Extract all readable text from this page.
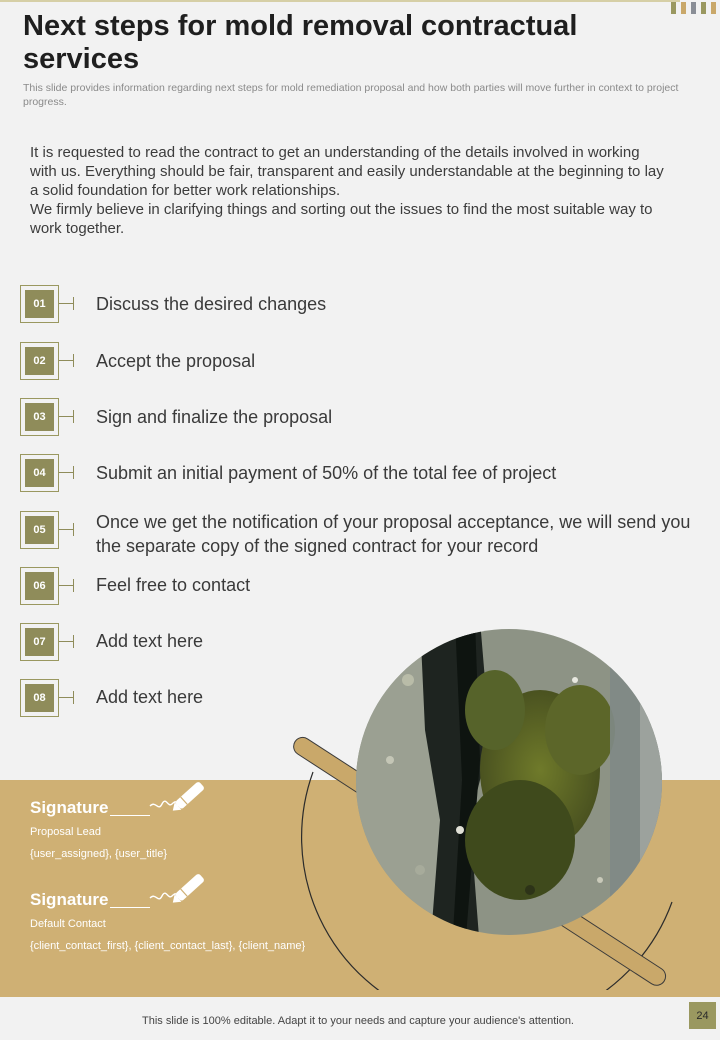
Next steps for mold removal contractual services
This slide provides information regarding next steps for mold remediation proposal and how both parties will move further in context to project progress.

It is requested to read the contract to get an understanding of the details involved in working with us. Everything should be fair, transparent and easily understandable at the beginning to lay a solid foundation for better work relationships.

We firmly believe in clarifying things and sorting out the issues to find the most suitable way to work together.

01	Discuss the desired changes
02	Accept the proposal
03	Sign and finalize the proposal
04	Submit an initial payment of 50% of the total fee of project
05	Once we get the notification of your proposal acceptance, we will send you the separate copy of the signed contract for your record
06	Feel free to contact
07	Add text here
08	Add text here
Signature
Proposal Lead
{user_assigned}, {user_title}
Signature
Default Contact
{client_contact_first}, {client_contact_last}, {client_name}
This slide is 100% editable. Adapt it to your needs and capture your audience's attention.	24
